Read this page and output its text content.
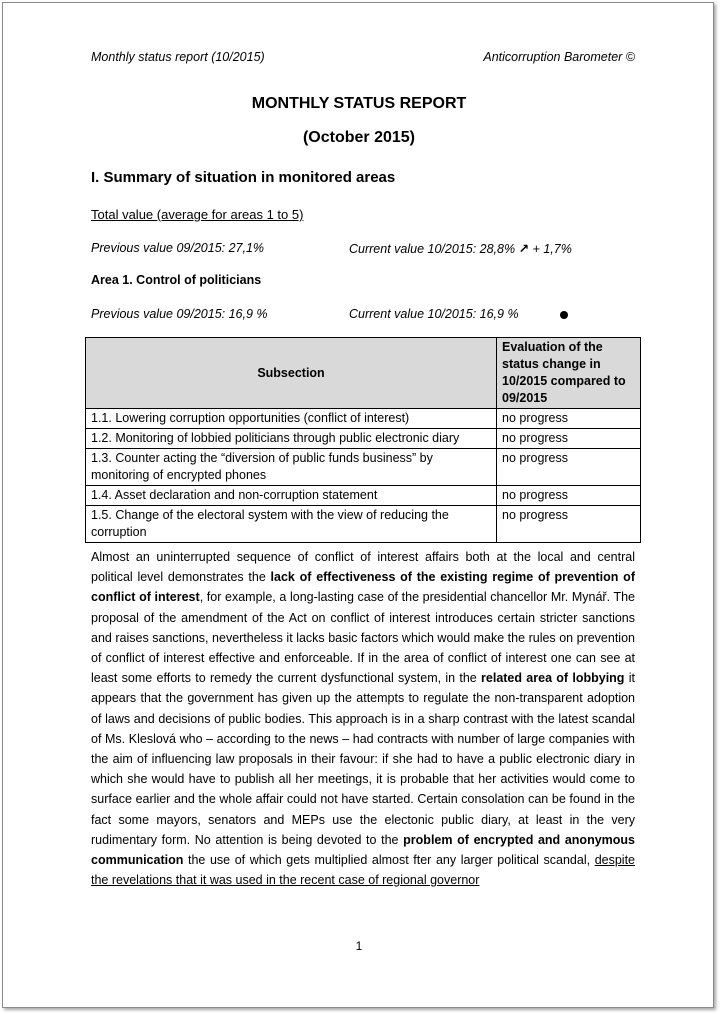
Monthly status report (10/2015)	Anticorruption Barometer ©
MONTHLY STATUS REPORT
(October 2015)
I. Summary of situation in monitored areas
Total value (average for areas 1 to 5)
Previous value 09/2015: 27,1%	Current value 10/2015: 28,8% ↗ + 1,7%
Area 1. Control of politicians
Previous value 09/2015: 16,9 %	Current value 10/2015: 16,9 %
Subsection	Evaluation of the status change in 10/2015 compared to 09/2015
1.1. Lowering corruption opportunities (conflict of interest)	no progress
1.2. Monitoring of lobbied politicians through public electronic diary	no progress
1.3. Counter acting the “diversion of public funds business” by monitoring of encrypted phones	no progress
1.4. Asset declaration and non-corruption statement	no progress
1.5. Change of the electoral system with the view of reducing the corruption	no progress
Almost an uninterrupted sequence of conflict of interest affairs both at the local and central political level demonstrates the lack of effectiveness of the existing regime of prevention of conflict of interest, for example, a long-lasting case of the presidential chancellor Mr. Mynář. The proposal of the amendment of the Act on conflict of interest introduces certain stricter sanctions and raises sanctions, nevertheless it lacks basic factors which would make the rules on prevention of conflict of interest effective and enforceable. If in the area of conflict of interest one can see at least some efforts to remedy the current dysfunctional system, in the related area of lobbying it appears that the government has given up the attempts to regulate the non-transparent adoption of laws and decisions of public bodies. This approach is in a sharp contrast with the latest scandal of Ms. Kleslová who – according to the news – had contracts with number of large companies with the aim of influencing law proposals in their favour: if she had to have a public electronic diary in which she would have to publish all her meetings, it is probable that her activities would come to surface earlier and the whole affair could not have started. Certain consolation can be found in the fact some mayors, senators and MEPs use the electonic public diary, at least in the very rudimentary form. No attention is being devoted to the problem of encrypted and anonymous communication the use of which gets multiplied almost fter any larger political scandal, despite the revelations that it was used in the recent case of regional governor
1
